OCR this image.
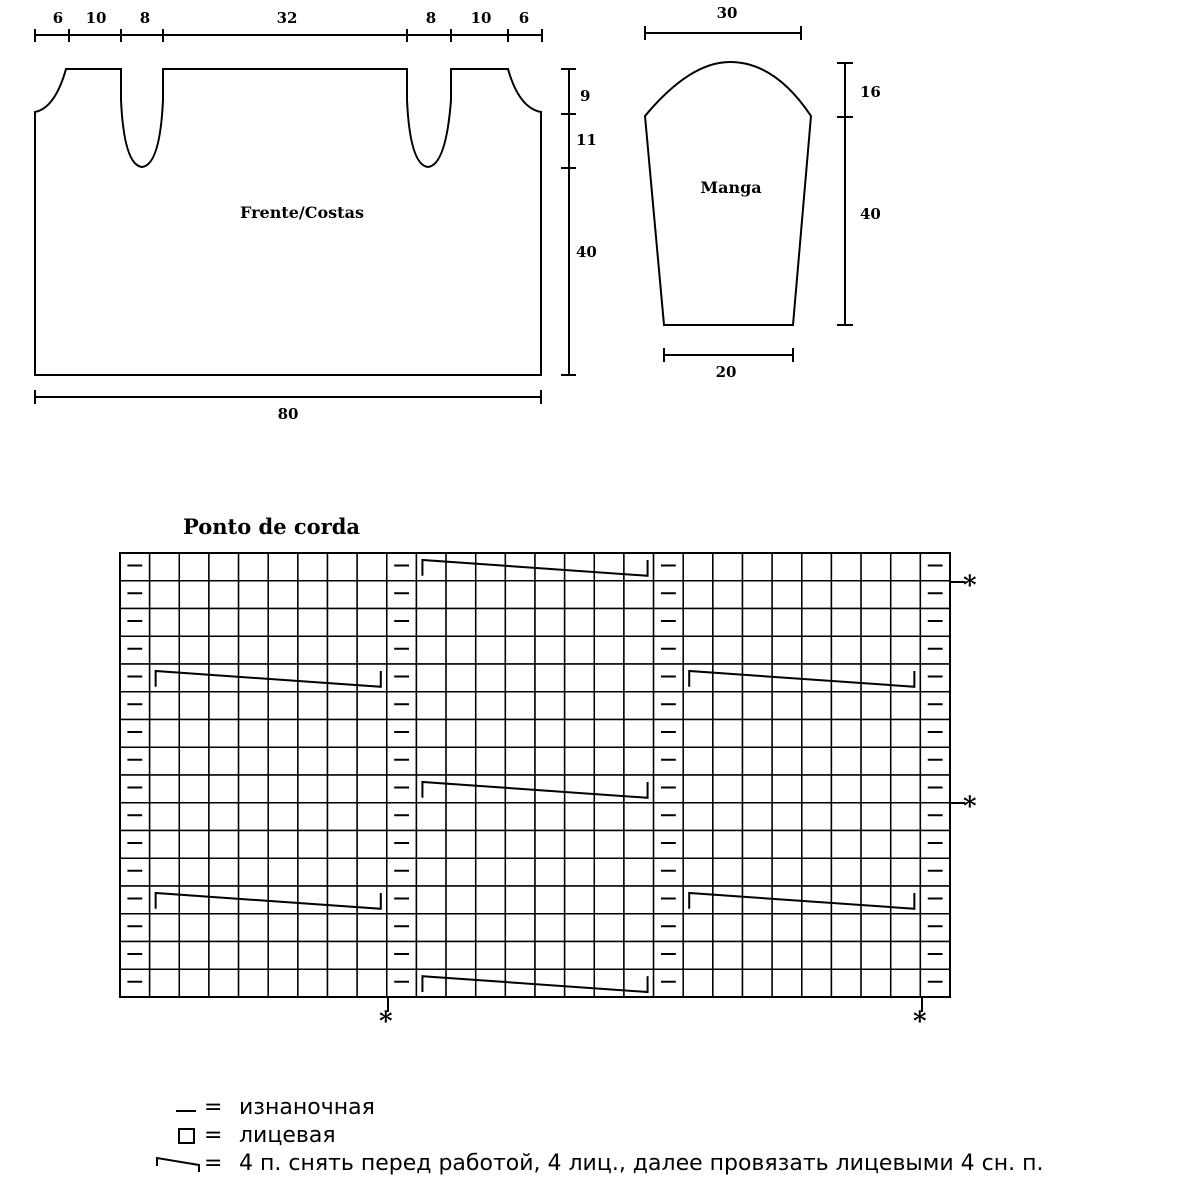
6 10 8	32	8 10 6
Frente/Costas
9
11
40
80
30
Manga
16
40
20
Ponto de corda
*
*
*	*
= изнаночная
= лицевая
= 4 п. снять перед работой, 4 лиц., далее провязать лицевыми 4 сн. п.
